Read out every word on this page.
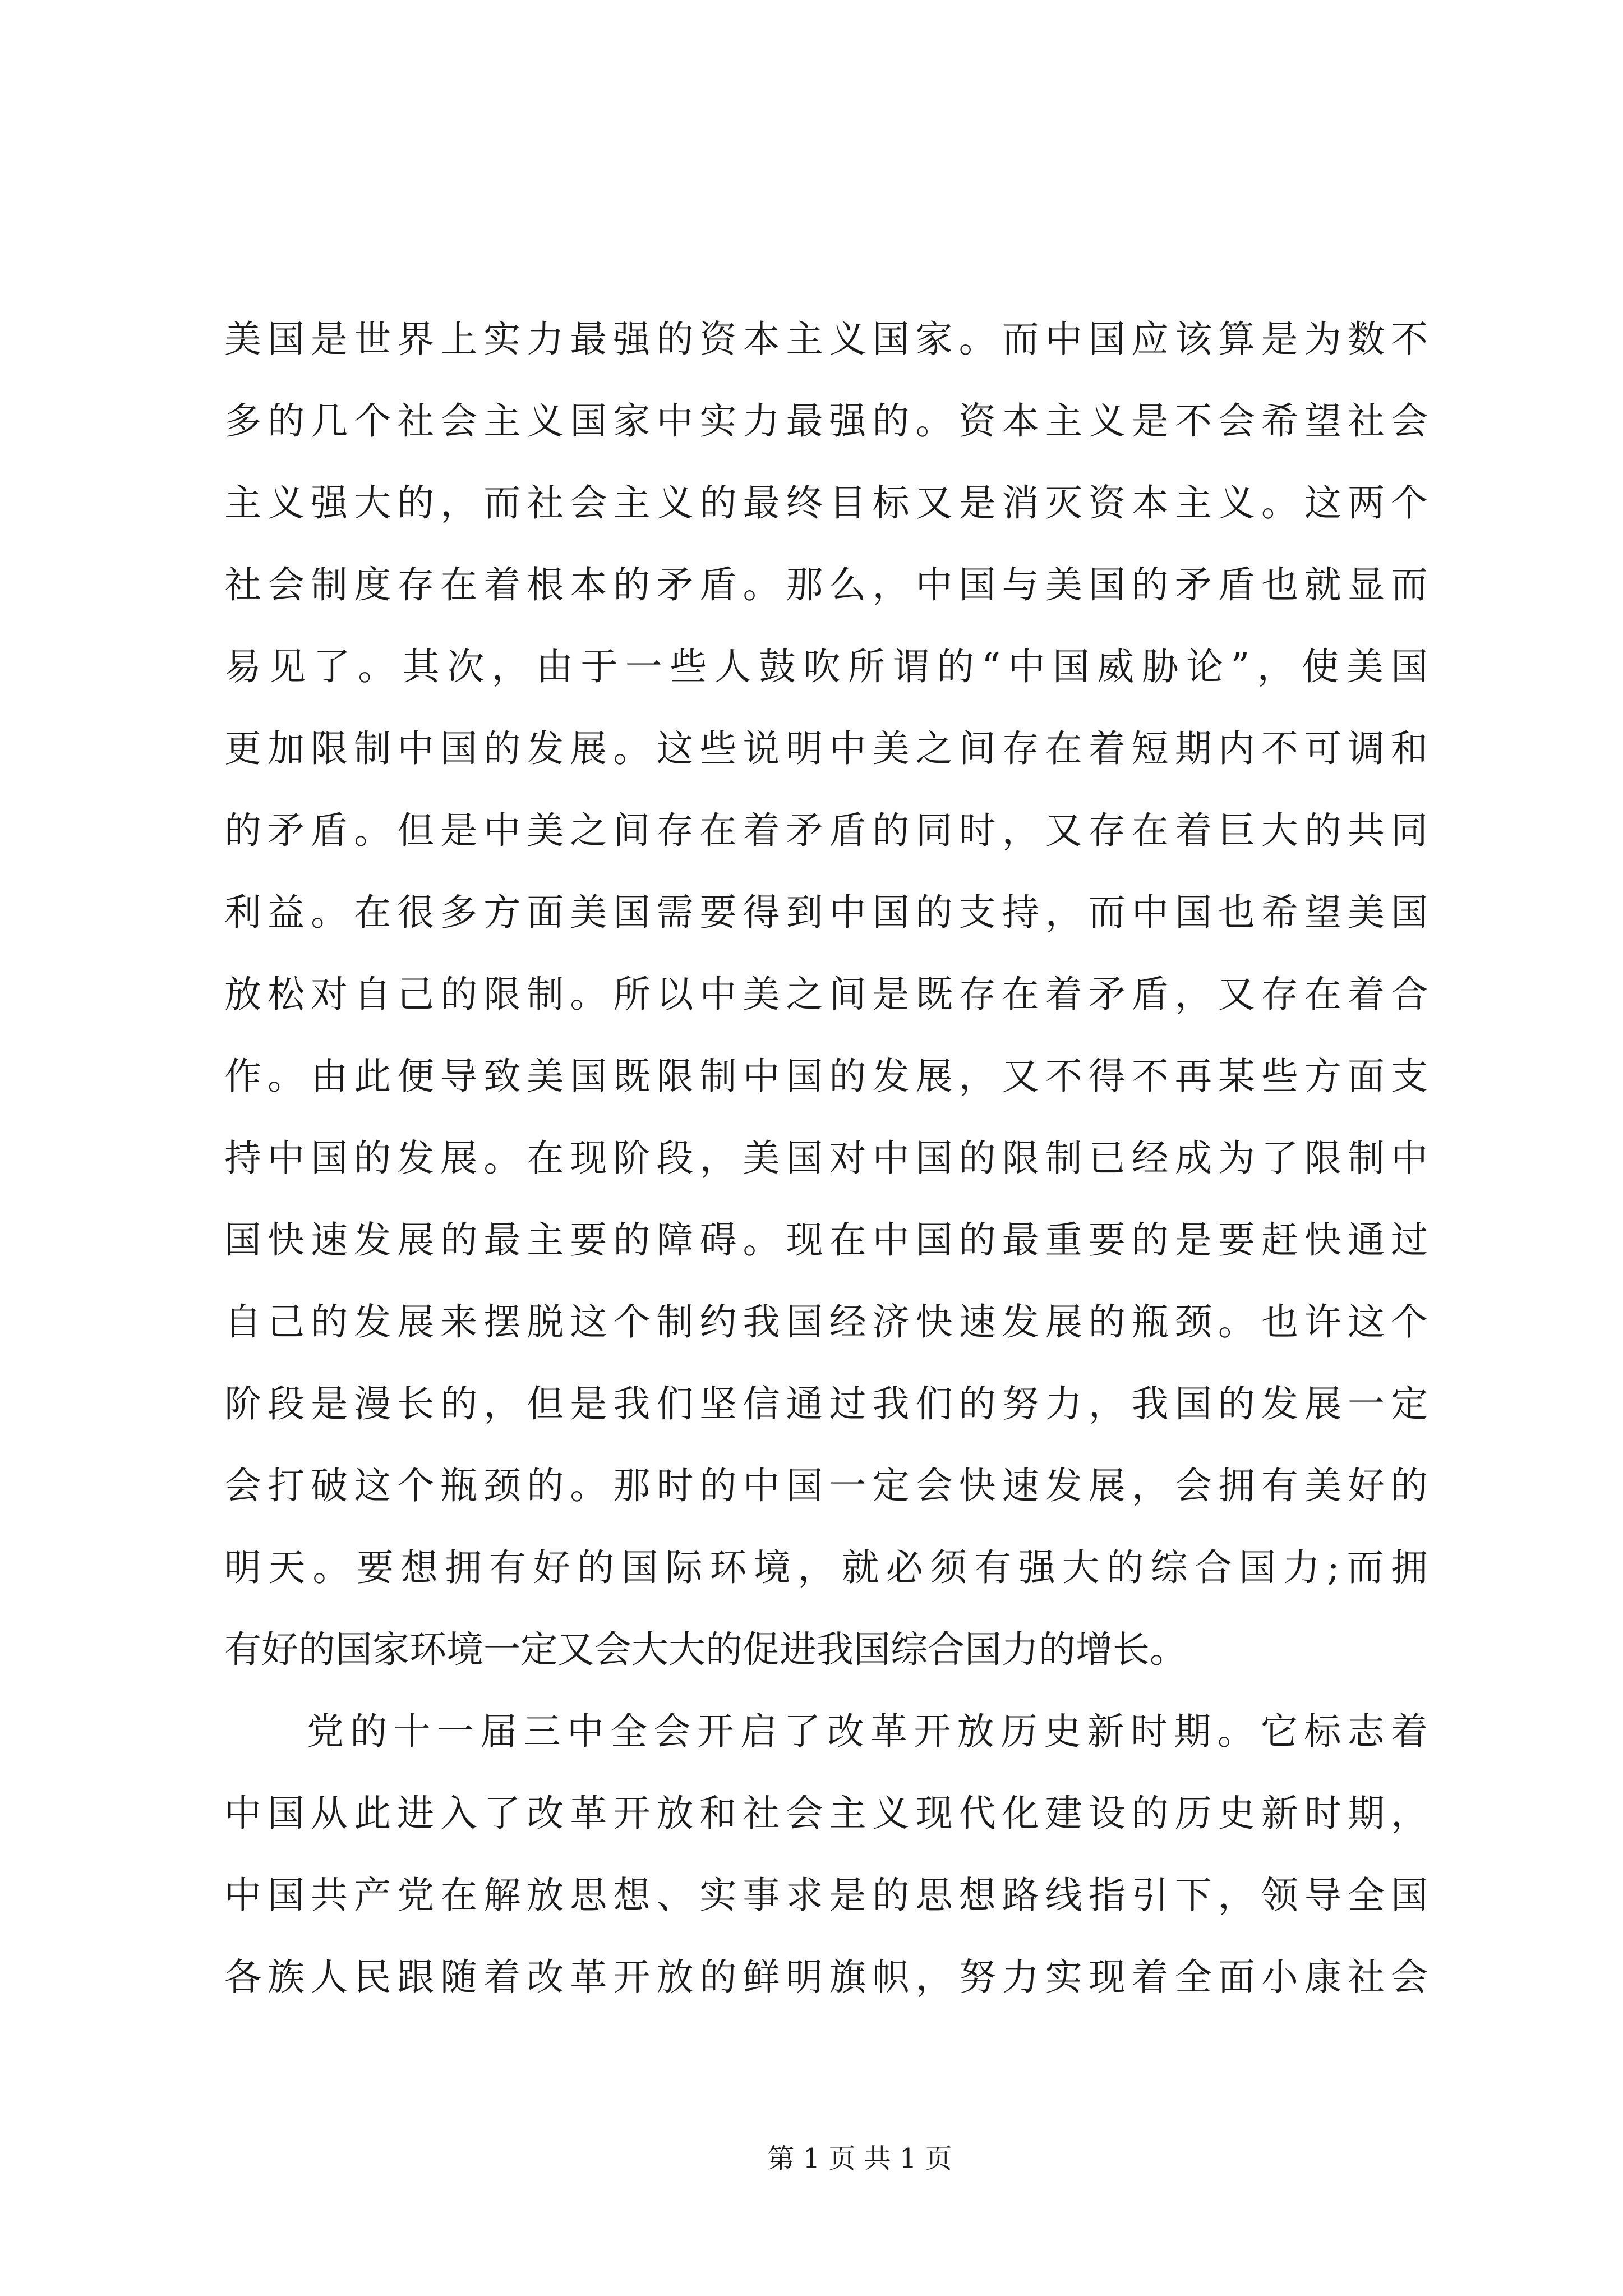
美国是世界上实力最强的资本主义国家。而中国应该算是为数不
多的几个社会主义国家中实力最强的。资本主义是不会希望社会
主义强大的，而社会主义的最终目标又是消灭资本主义。这两个
社会制度存在着根本的矛盾。那么，中国与美国的矛盾也就显而
易见了。其次，由于一些人鼓吹所谓的“中国威胁论”，使美国
更加限制中国的发展。这些说明中美之间存在着短期内不可调和
的矛盾。但是中美之间存在着矛盾的同时，又存在着巨大的共同
利益。在很多方面美国需要得到中国的支持，而中国也希望美国
放松对自己的限制。所以中美之间是既存在着矛盾，又存在着合
作。由此便导致美国既限制中国的发展，又不得不再某些方面支
持中国的发展。在现阶段，美国对中国的限制已经成为了限制中
国快速发展的最主要的障碍。现在中国的最重要的是要赶快通过
自己的发展来摆脱这个制约我国经济快速发展的瓶颈。也许这个
阶段是漫长的，但是我们坚信通过我们的努力，我国的发展一定
会打破这个瓶颈的。那时的中国一定会快速发展，会拥有美好的
明天。要想拥有好的国际环境，就必须有强大的综合国力;而拥
有好的国家环境一定又会大大的促进我国综合国力的增长。
党的十一届三中全会开启了改革开放历史新时期。它标志着
中国从此进入了改革开放和社会主义现代化建设的历史新时期，
中国共产党在解放思想、实事求是的思想路线指引下，领导全国
各族人民跟随着改革开放的鲜明旗帜，努力实现着全面小康社会
第 1 页 共 1 页
